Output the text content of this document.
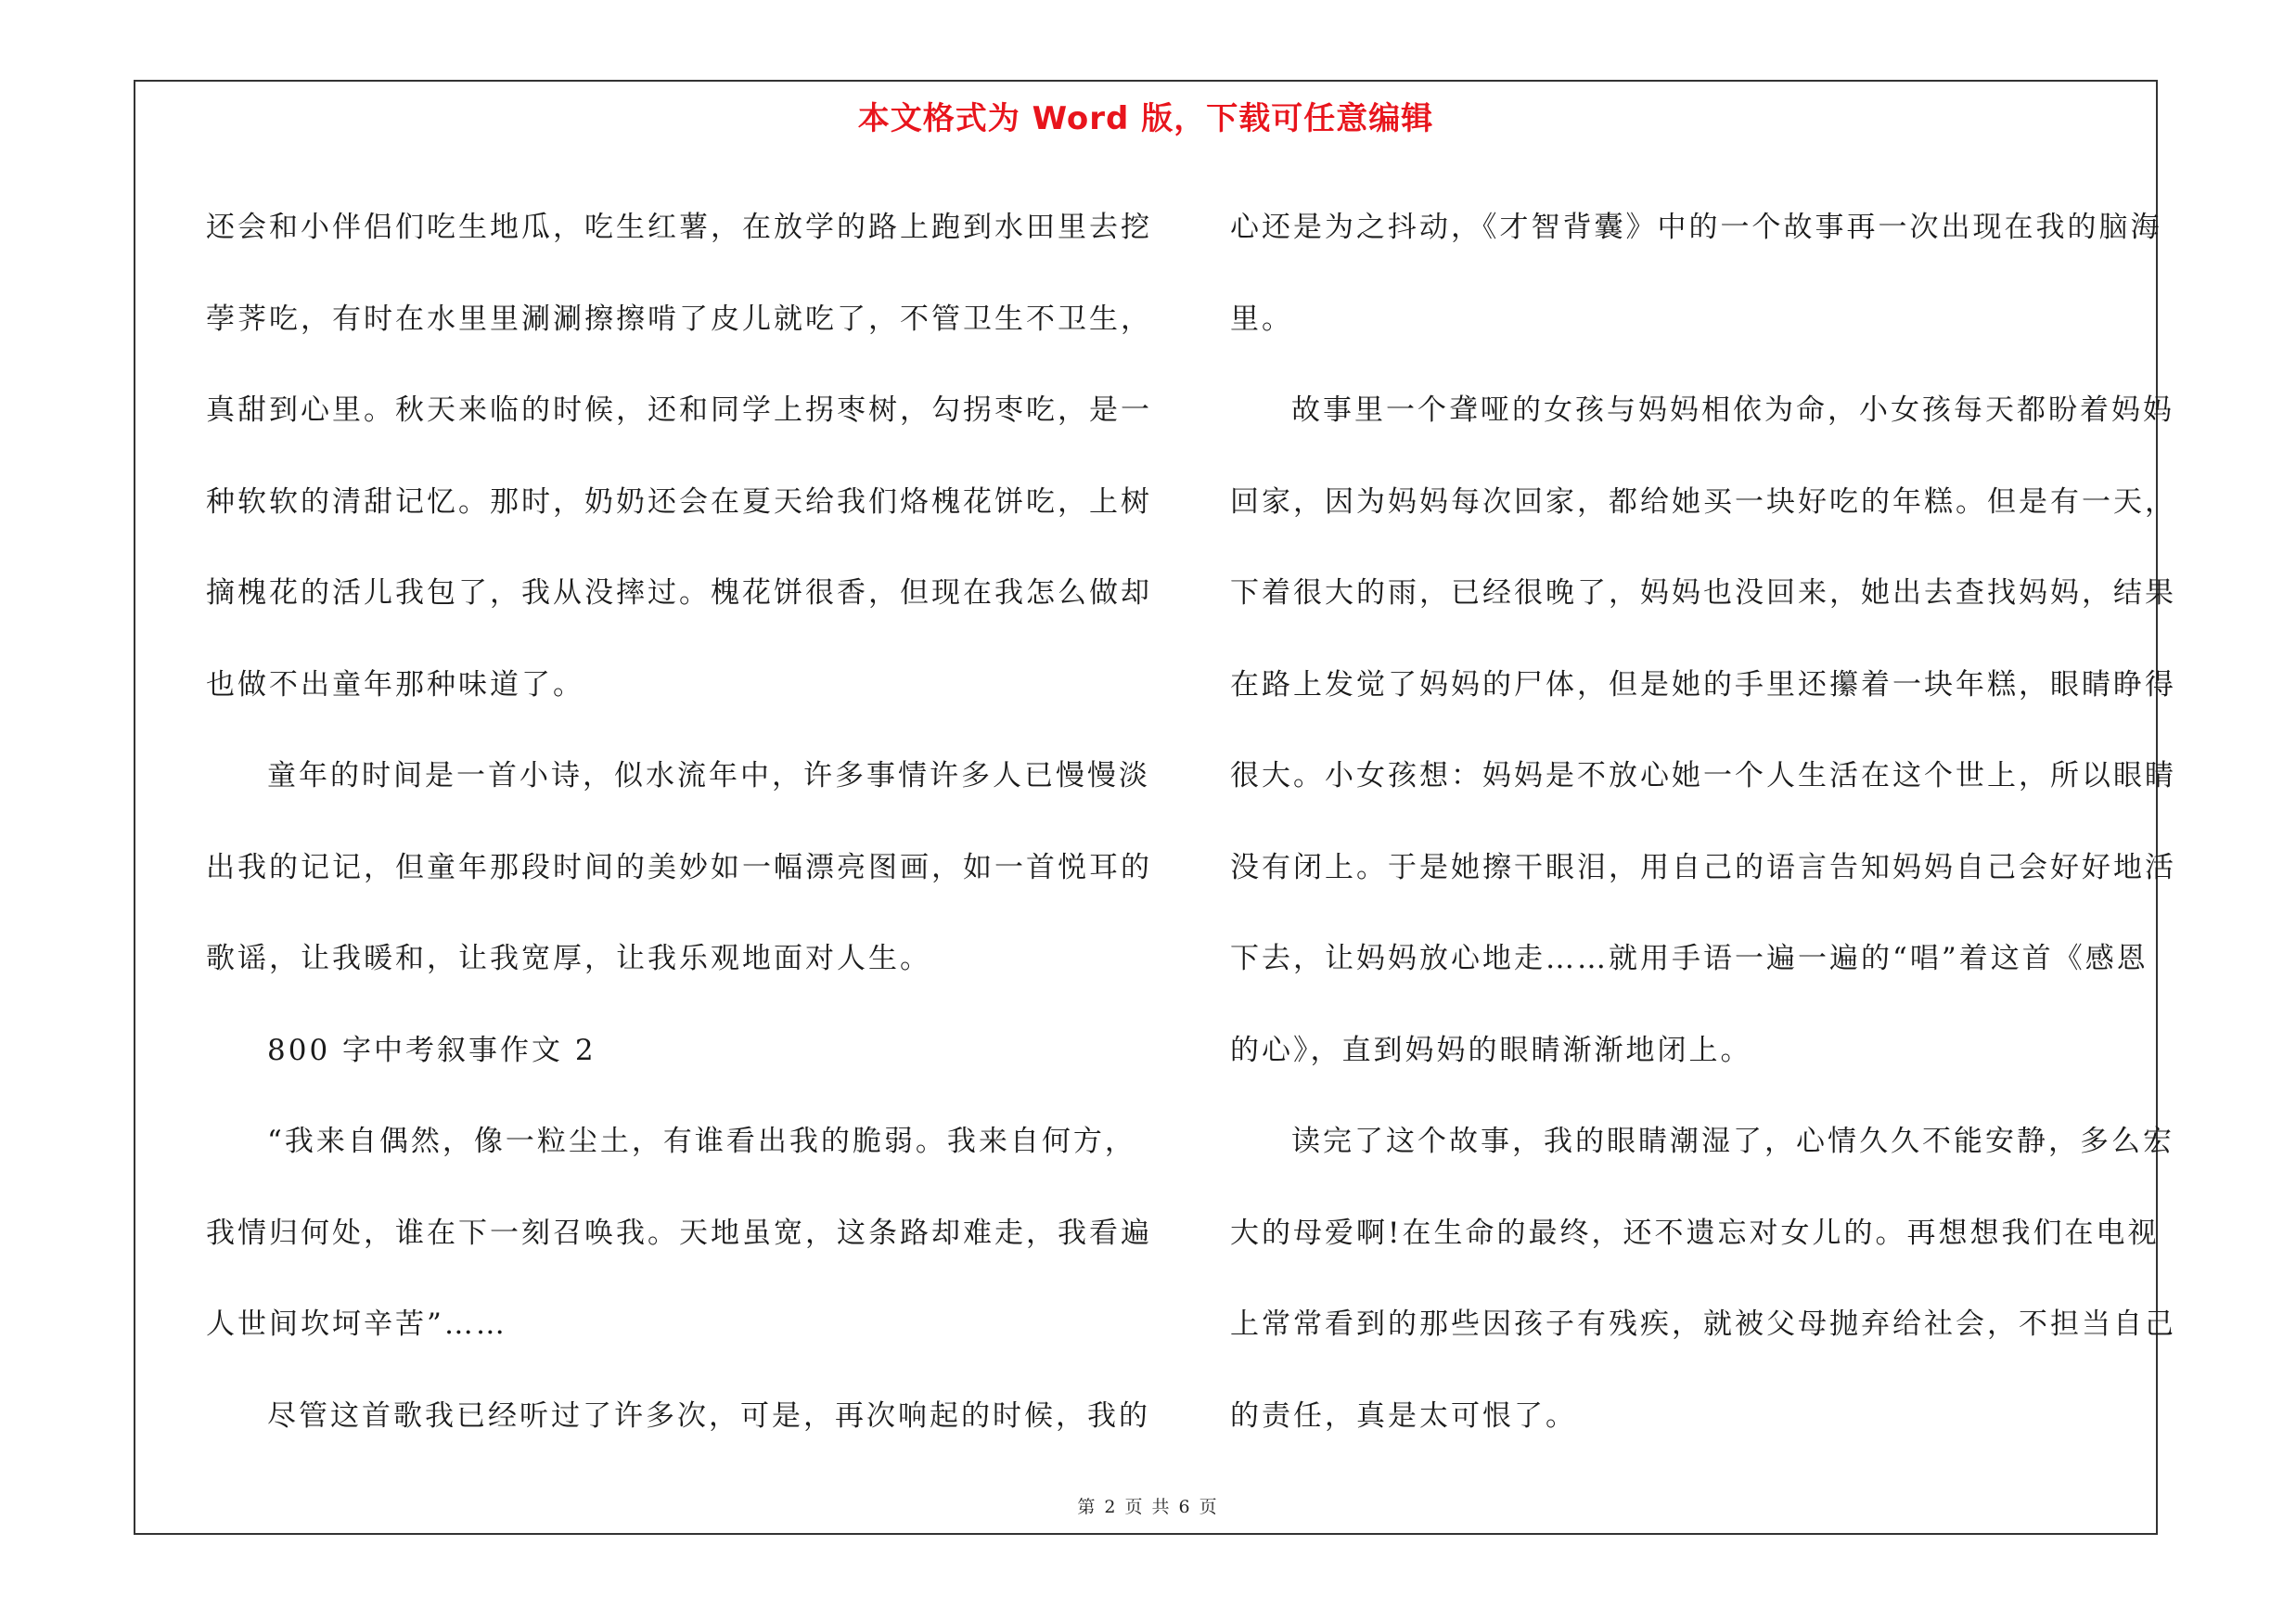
本文格式为 Word 版，下载可任意编辑
还会和小伴侣们吃生地瓜，吃生红薯，在放学的路上跑到水田里去挖
荸荠吃，有时在水里里涮涮擦擦啃了皮儿就吃了，不管卫生不卫生，
真甜到心里。秋天来临的时候，还和同学上拐枣树，勾拐枣吃，是一
种软软的清甜记忆。那时，奶奶还会在夏天给我们烙槐花饼吃，上树
摘槐花的活儿我包了，我从没摔过。槐花饼很香，但现在我怎么做却
也做不出童年那种味道了。
童年的时间是一首小诗，似水流年中，许多事情许多人已慢慢淡
出我的记记，但童年那段时间的美妙如一幅漂亮图画，如一首悦耳的
歌谣，让我暖和，让我宽厚，让我乐观地面对人生。
800 字中考叙事作文 2
“我来自偶然，像一粒尘土，有谁看出我的脆弱。我来自何方，
我情归何处，谁在下一刻召唤我。天地虽宽，这条路却难走，我看遍
人世间坎坷辛苦”……
尽管这首歌我已经听过了许多次，可是，再次响起的时候，我的
心还是为之抖动，《才智背囊》中的一个故事再一次出现在我的脑海
里。
故事里一个聋哑的女孩与妈妈相依为命，小女孩每天都盼着妈妈
回家，因为妈妈每次回家，都给她买一块好吃的年糕。但是有一天，
下着很大的雨，已经很晚了，妈妈也没回来，她出去查找妈妈，结果
在路上发觉了妈妈的尸体，但是她的手里还攥着一块年糕，眼睛睁得
很大。小女孩想：妈妈是不放心她一个人生活在这个世上，所以眼睛
没有闭上。于是她擦干眼泪，用自己的语言告知妈妈自己会好好地活
下去，让妈妈放心地走……就用手语一遍一遍的“唱”着这首《感恩
的心》，直到妈妈的眼睛渐渐地闭上。
读完了这个故事，我的眼睛潮湿了，心情久久不能安静，多么宏
大的母爱啊!在生命的最终，还不遗忘对女儿的。再想想我们在电视
上常常看到的那些因孩子有残疾，就被父母抛弃给社会，不担当自己
的责任，真是太可恨了。
第 2 页 共 6 页
